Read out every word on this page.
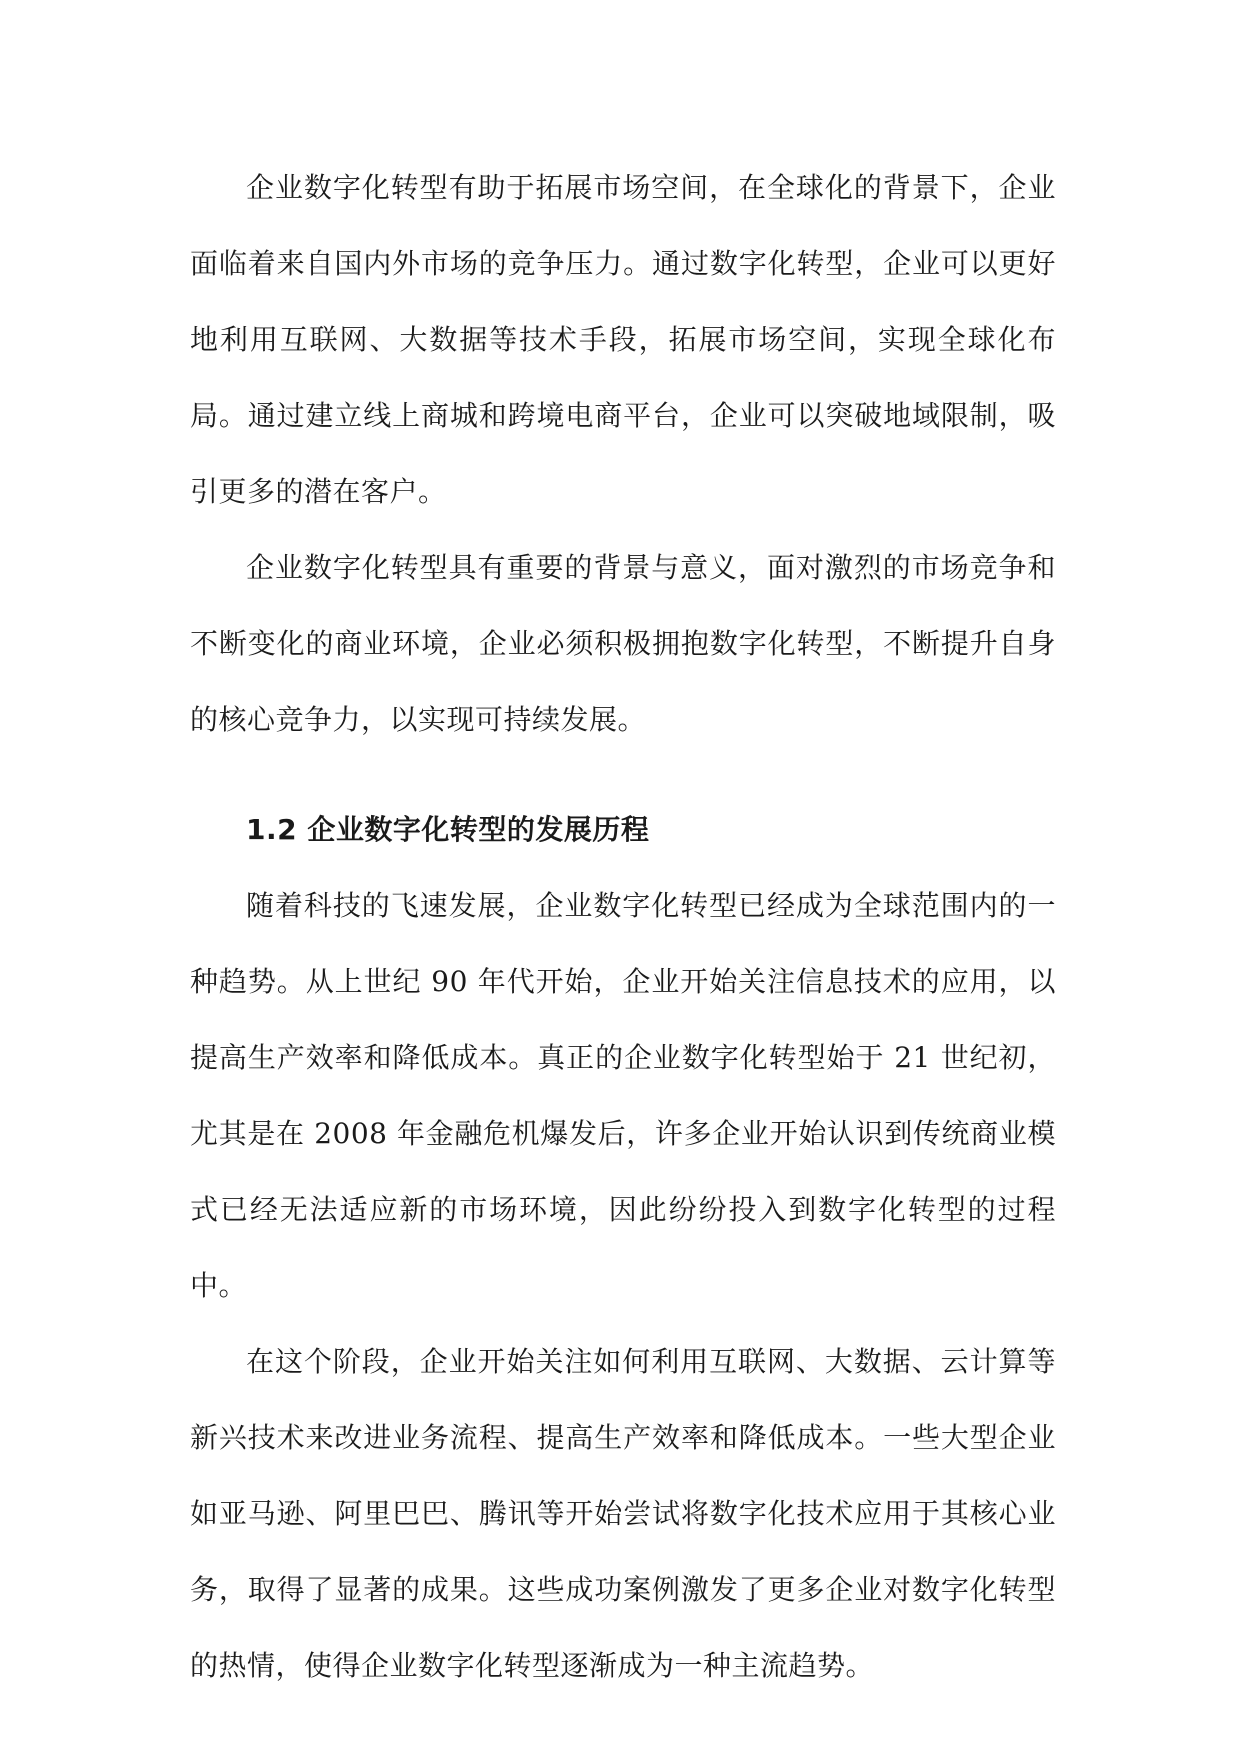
企业数字化转型有助于拓展市场空间，在全球化的背景下，企业面临着来自国内外市场的竞争压力。通过数字化转型，企业可以更好地利用互联网、大数据等技术手段，拓展市场空间，实现全球化布局。通过建立线上商城和跨境电商平台，企业可以突破地域限制，吸引更多的潜在客户。

企业数字化转型具有重要的背景与意义，面对激烈的市场竞争和不断变化的商业环境，企业必须积极拥抱数字化转型，不断提升自身的核心竞争力，以实现可持续发展。

1.2 企业数字化转型的发展历程

随着科技的飞速发展，企业数字化转型已经成为全球范围内的一种趋势。从上世纪 90 年代开始，企业开始关注信息技术的应用，以提高生产效率和降低成本。真正的企业数字化转型始于 21 世纪初，尤其是在 2008 年金融危机爆发后，许多企业开始认识到传统商业模式已经无法适应新的市场环境，因此纷纷投入到数字化转型的过程中。

在这个阶段，企业开始关注如何利用互联网、大数据、云计算等新兴技术来改进业务流程、提高生产效率和降低成本。一些大型企业如亚马逊、阿里巴巴、腾讯等开始尝试将数字化技术应用于其核心业务，取得了显著的成果。这些成功案例激发了更多企业对数字化转型的热情，使得企业数字化转型逐渐成为一种主流趋势。
